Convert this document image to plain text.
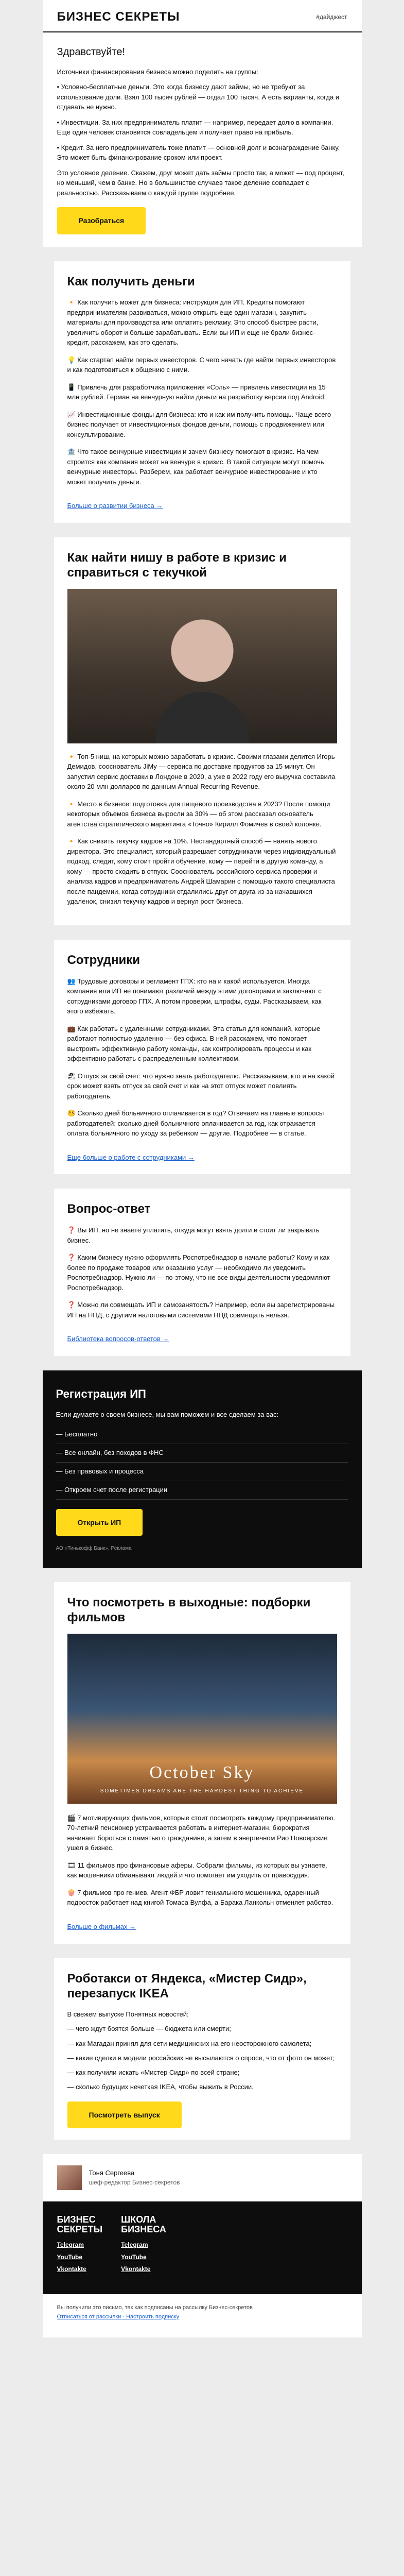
БИЗНЕС СЕКРЕТЫ	#дайджест
Здравствуйте!

Источники финансирования бизнеса можно поделить на группы:

• Условно-бесплатные деньги. Это когда бизнесу дают займы, но не требуют за использование доли. Взял 100 тысяч рублей — отдал 100 тысяч. А есть варианты, когда и отдавать не нужно.

• Инвестиции. За них предприниматель платит — например, передает долю в компании. Еще один человек становится совладельцем и получает право на прибыль.

• Кредит. За него предприниматель тоже платит — основной долг и вознаграждение банку. Это может быть финансирование сроком или проект.

Это условное деление. Скажем, друг может дать займы просто так, а может — под процент, но меньший, чем в банке. Но в большинстве случаев такое деление совпадает с реальностью. Рассказываем о каждой группе подробнее.

Разобраться
Как получить деньги
🔸 Как получить может для бизнеса: инструкция для ИП. Кредиты помогают предпринимателям развиваться, можно открыть еще один магазин, закупить материалы для производства или оплатить рекламу. Это способ быстрее расти, увеличить оборот и больше зарабатывать. Если вы ИП и еще не брали бизнес-кредит, расскажем, как это сделать.
💡 Как стартап найти первых инвесторов. С чего начать где найти первых инвесторов и как подготовиться к общению с ними.
📱 Привлечь для разработчика приложения «Соль» — привлечь инвестиции на 15 млн рублей. Герман на венчурную найти деньги на разработку версии под Android.
📈 Инвестиционные фонды для бизнеса: кто и как им получить помощь. Чаще всего бизнес получает от инвестиционных фондов деньги, помощь с продвижением или консультирование.
🏦 Что такое венчурные инвестиции и зачем бизнесу помогают в кризис. На чем строится как компания может на венчуре в кризис. В такой ситуации могут помочь венчурные инвесторы. Разберем, как работает венчурное инвестирование и кто может получить деньги.
Больше о развитии бизнеса →
Как найти нишу в работе в кризис и справиться с текучкой
🔸 Топ-5 ниш, на которых можно заработать в кризис. Своими глазами делится Игорь Демидов, сооснователь JiMy — сервиса по доставке продуктов за 15 минут. Он запустил сервис доставки в Лондоне в 2020, а уже в 2022 году его выручка составила около 20 млн долларов по данным Annual Recurring Revenue.
🔸 Место в бизнесе: подготовка для пищевого производства в 2023? После помощи некоторых объемов бизнеса выросли за 30% — об этом рассказал основатель агентства стратегического маркетинга «Точно» Кирилл Фомичев в своей колонке.
🔸 Как снизить текучку кадров на 10%. Нестандартный способ — нанять нового директора. Это специалист, который разрешает сотрудниками через индивидуальный подход, следит, кому стоит пройти обучение, кому — перейти в другую команду, а кому — просто сходить в отпуск. Сооснователь российского сервиса проверки и анализа кадров и предприниматель Андрей Шамарин с помощью такого специалиста после пандемии, когда сотрудники отдалились друг от друга из-за начавшихся удаленок, снизил текучку кадров и вернул рост бизнеса.
Сотрудники
👥 Трудовые договоры и регламент ГПХ: кто на и какой используется. Иногда компания или ИП не понимают различий между этими договорами и заключают с сотрудниками договор ГПХ. А потом проверки, штрафы, суды. Рассказываем, как этого избежать.
💼 Как работать с удаленными сотрудниками. Эта статья для компаний, которые работают полностью удаленно — без офиса. В ней расскажем, что помогает выстроить эффективную работу команды, как контролировать процессы и как эффективно работать с распределенным коллективом.
🏖 Отпуск за свой счет: что нужно знать работодателю. Рассказываем, кто и на какой срок может взять отпуск за свой счет и как на этот отпуск может повлиять работодатель.
🤒 Сколько дней больничного оплачивается в год? Отвечаем на главные вопросы работодателей: сколько дней больничного оплачивается за год, как отражается оплата больничного по уходу за ребенком — другие. Подробнее — в статье.
Еще больше о работе с сотрудниками →
Вопрос-ответ
❓ Вы ИП, но не знаете уплатить, откуда могут взять долги и стоит ли закрывать бизнес.
❓ Каким бизнесу нужно оформлять Роспотребнадзор в начале работы? Кому и как более по продаже товаров или оказанию услуг — необходимо ли уведомить Роспотребнадзор. Нужно ли — по-этому, что не все виды деятельности уведомляют Роспотребнадзор.
❓ Можно ли совмещать ИП и самозанятость? Например, если вы зарегистрированы ИП на НПД, с другими налоговыми системами НПД совмещать нельзя.
Библиотека вопросов-ответов →
Регистрация ИП

Если думаете о своем бизнесе, мы вам поможем и все сделаем за вас:

— Бесплатно
— Все онлайн, без походов в ФНС
— Без правовых и процесса
— Откроем счет после регистрации
Открыть ИП
АО «Тинькофф Банк», Реклама
Что посмотреть в выходные: подборки фильмов
October Sky
SOMETIMES DREAMS ARE THE HARDEST THING TO ACHIEVE
🎬 7 мотивирующих фильмов, которые стоит посмотреть каждому предпринимателю. 70-летний пенсионер устраивается работать в интернет-магазин, бюрократия начинает бороться с памятью о гражданине, а затем в энергичном Рио Новоярские ушел в бизнес.
🎞 11 фильмов про финансовые аферы. Собрали фильмы, из которых вы узнаете, как мошенники обманывают людей и что помогает им уходить от правосудия.
🍿 7 фильмов про гениев. Агент ФБР ловит гениального мошенника, одаренный подросток работает над книгой Томаса Вулфа, а Барака Ланкольн отменяет рабство.
Больше о фильмах →
Роботакси от Яндекса, «Мистер Сидр», перезапуск IKEA

В свежем выпуске Понятных новостей:

— чего ждут боятся больше — бюджета или смерти;

— как Магадан принял для сети медицинских на его неосторожного самолета;

— какие сделки в модели российских не высылаются о спросе, что от фото он может;

— как получили искать «Мистер Сидр» по всей стране;

— сколько будущих нечеткая IKEA, чтобы выжить в России.

Посмотреть выпуск
Тоня Сергеева
шеф-редактор Бизнес-секретов
БИЗНЕС
СЕКРЕТЫ
Telegram
YouTube
Vkontakte
ШКОЛА
БИЗНЕСА
Telegram
YouTube
Vkontakte
Вы получили это письмо, так как подписаны на рассылку Бизнес-секретов
Отписаться от рассылки · Настроить подписку
